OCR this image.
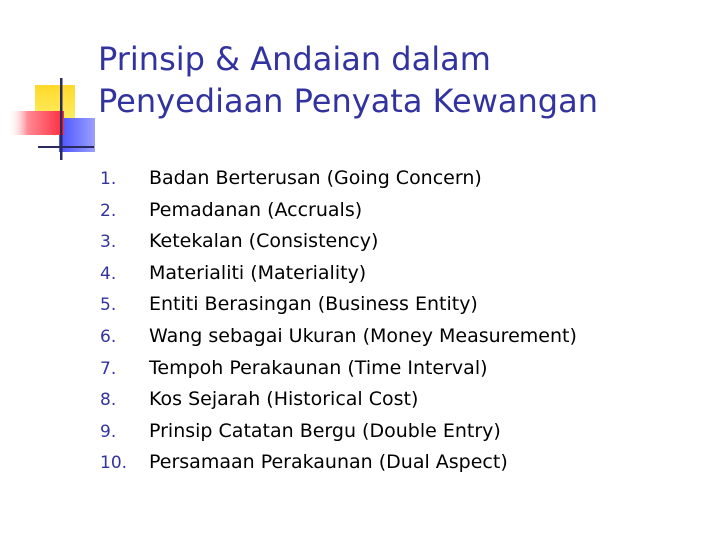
Prinsip & Andaian dalam
Penyediaan Penyata Kewangan
1.	Badan Berterusan (Going Concern)
2.	Pemadanan (Accruals)
3.	Ketekalan (Consistency)
4.	Materialiti (Materiality)
5.	Entiti Berasingan (Business Entity)
6.	Wang sebagai Ukuran (Money Measurement)
7.	Tempoh Perakaunan (Time Interval)
8.	Kos Sejarah (Historical Cost)
9.	Prinsip Catatan Bergu (Double Entry)
10.	Persamaan Perakaunan (Dual Aspect)
